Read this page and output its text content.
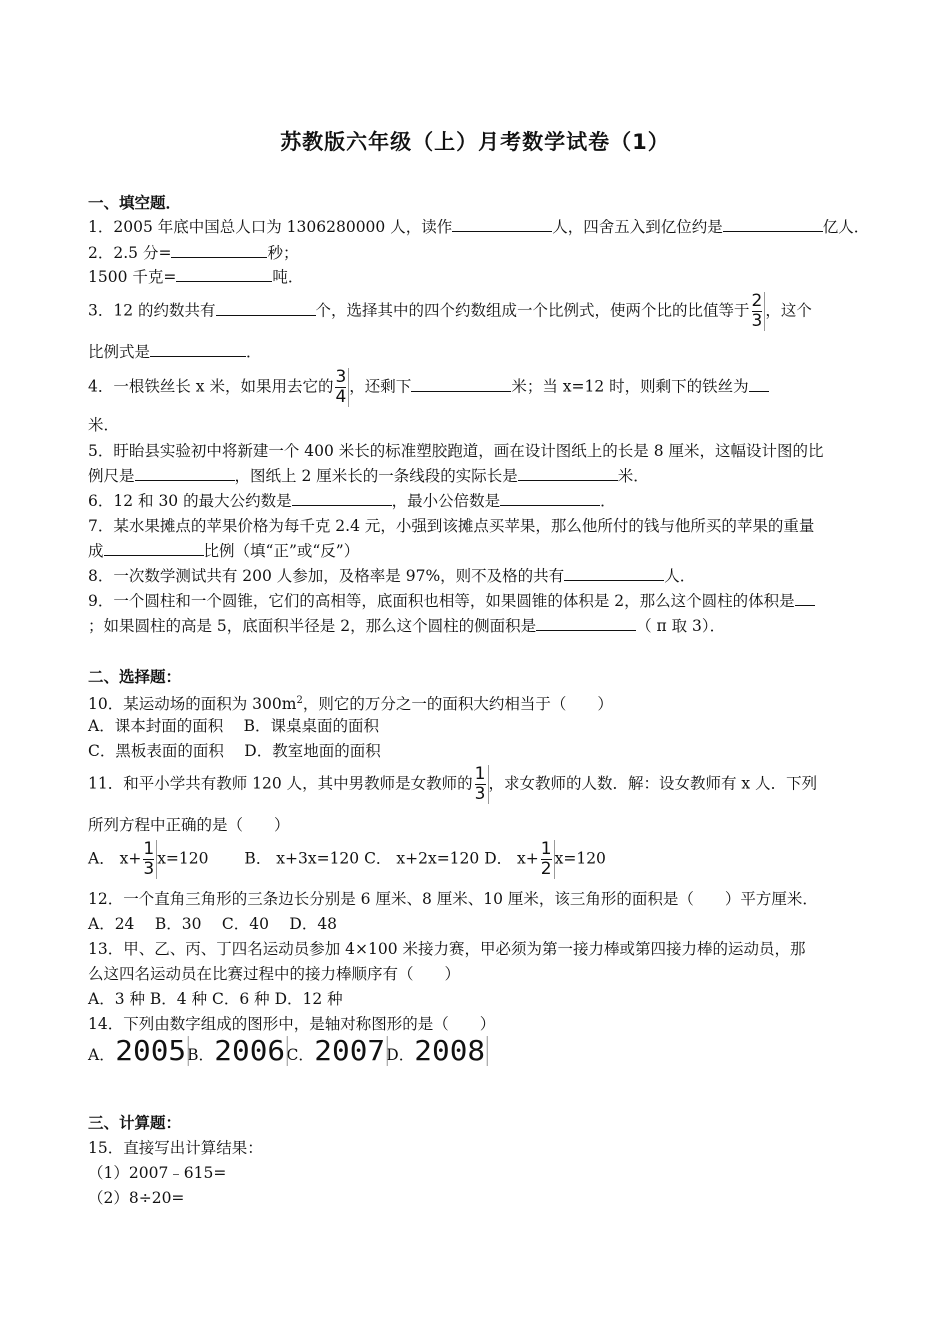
苏教版六年级（上）月考数学试卷（1）
一、填空题．
1．2005 年底中国总人口为 1306280000 人，读作	人，四舍五入到亿位约是	亿人．
2．2.5 分=	秒；
1500 千克=	吨．
3．12 的约数共有	个，选择其中的四个约数组成一个比例式，使两个比的比值等于 $\frac{2}{3}$ ，这个
比例式是	．
4．一根铁丝长 x 米，如果用去它的 $\frac{3}{4}$ ，还剩下	米；当 x=12 时，则剩下的铁丝为
米．
5．盱眙县实验初中将新建一个 400 米长的标准塑胶跑道，画在设计图纸上的长是 8 厘米，这幅设计图的比
例尺是	，图纸上 2 厘米长的一条线段的实际长是	米．
6．12 和 30 的最大公约数是	，最小公倍数是	．
7．某水果摊点的苹果价格为每千克 2.4 元，小强到该摊点买苹果，那么他所付的钱与他所买的苹果的重量
成	比例（填“正”或“反”）
8．一次数学测试共有 200 人参加，及格率是 97%，则不及格的共有	人．
9．一个圆柱和一个圆锥，它们的高相等，底面积也相等，如果圆锥的体积是 2，那么这个圆柱的体积是
；如果圆柱的高是 5，底面积半径是 2，那么这个圆柱的侧面积是	（ π 取 3）．
二、选择题：
10．某运动场的面积为 $300m^2$，则它的万分之一的面积大约相当于（　　）
A．课本封面的面积　 B．课桌桌面的面积
C．黑板表面的面积　 D．教室地面的面积
11．和平小学共有教师 120 人，其中男教师是女教师的 $\frac{1}{3}$ ，求女教师的人数．解：设女教师有 x 人．下列
所列方程中正确的是（　　）
A． $x+ \frac{1}{3} x=120$　　 B． x+3x=120 C． x+2x=120 D． $x+ \frac{1}{2} x=120$
12．一个直角三角形的三条边长分别是 6 厘米、8 厘米、10 厘米，该三角形的面积是（　　）平方厘米．
A．24　 B．30　 C．40　 D．48
13．甲、乙、丙、丁四名运动员参加 4×100 米接力赛，甲必须为第一接力棒或第四接力棒的运动员，那
么这四名运动员在比赛过程中的接力棒顺序有（　　）
A．3 种 B．4 种 C．6 种 D．12 种
14．下列由数字组成的图形中，是轴对称图形的是（　　）
A．2005B．2006C．2007D．2008
三、计算题：
15．直接写出计算结果：
（1）2007﹣615=
（2）8÷20=
